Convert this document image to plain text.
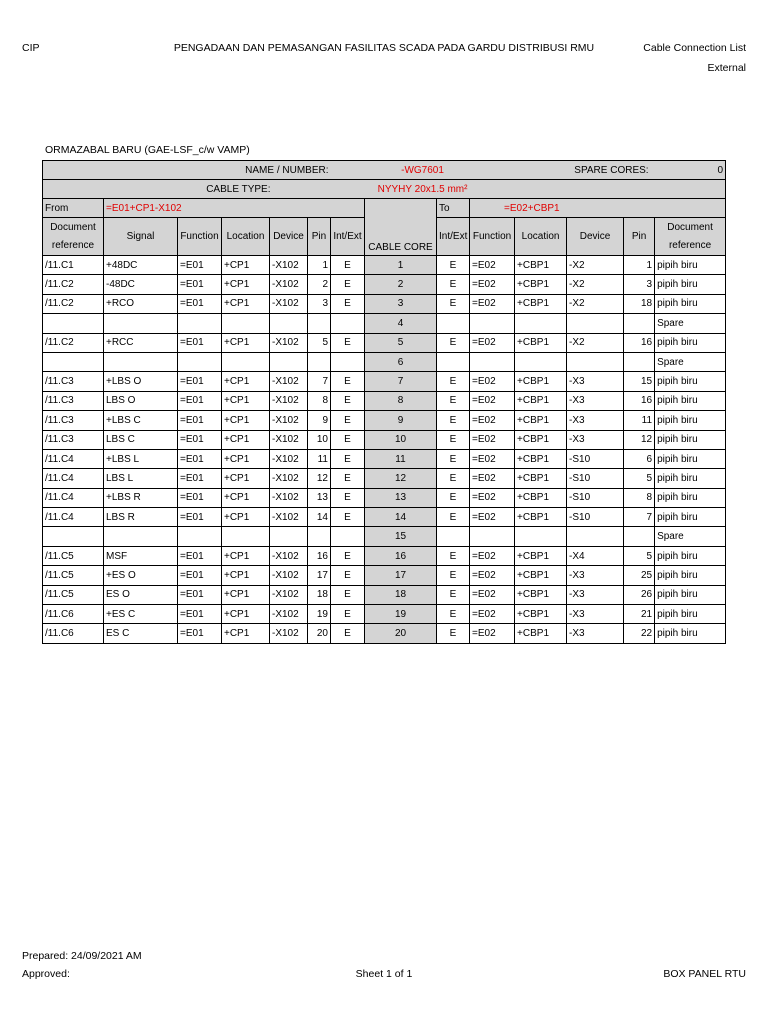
CIP	PENGADAAN DAN PEMASANGAN FASILITAS SCADA PADA GARDU DISTRIBUSI RMU	Cable Connection List
External
ORMAZABAL BARU (GAE-LSF_c/w VAMP)
NAME / NUMBER:						-WG7601				SPARE CORES:			0
CABLE TYPE:						NYYHY 20x1.5 mm²							
From	=E01+CP1-X102						CABLE CORE	To	=E02+CBP1				
Document reference	Signal	Function	Location	Device	Pin	Int/Ext		Int/Ext	Function	Location	Device	Pin	Document reference
/11.C1	+48DC	=E01	+CP1	-X102	1	E	1	E	=E02	+CBP1	-X2	1	pipih biru
/11.C2	-48DC	=E01	+CP1	-X102	2	E	2	E	=E02	+CBP1	-X2	3	pipih biru
/11.C2	+RCO	=E01	+CP1	-X102	3	E	3	E	=E02	+CBP1	-X2	18	pipih biru
							4						Spare
/11.C2	+RCC	=E01	+CP1	-X102	5	E	5	E	=E02	+CBP1	-X2	16	pipih biru
							6						Spare
/11.C3	+LBS O	=E01	+CP1	-X102	7	E	7	E	=E02	+CBP1	-X3	15	pipih biru
/11.C3	LBS O	=E01	+CP1	-X102	8	E	8	E	=E02	+CBP1	-X3	16	pipih biru
/11.C3	+LBS C	=E01	+CP1	-X102	9	E	9	E	=E02	+CBP1	-X3	11	pipih biru
/11.C3	LBS C	=E01	+CP1	-X102	10	E	10	E	=E02	+CBP1	-X3	12	pipih biru
/11.C4	+LBS L	=E01	+CP1	-X102	11	E	11	E	=E02	+CBP1	-S10	6	pipih biru
/11.C4	LBS L	=E01	+CP1	-X102	12	E	12	E	=E02	+CBP1	-S10	5	pipih biru
/11.C4	+LBS R	=E01	+CP1	-X102	13	E	13	E	=E02	+CBP1	-S10	8	pipih biru
/11.C4	LBS R	=E01	+CP1	-X102	14	E	14	E	=E02	+CBP1	-S10	7	pipih biru
							15						Spare
/11.C5	MSF	=E01	+CP1	-X102	16	E	16	E	=E02	+CBP1	-X4	5	pipih biru
/11.C5	+ES O	=E01	+CP1	-X102	17	E	17	E	=E02	+CBP1	-X3	25	pipih biru
/11.C5	ES O	=E01	+CP1	-X102	18	E	18	E	=E02	+CBP1	-X3	26	pipih biru
/11.C6	+ES C	=E01	+CP1	-X102	19	E	19	E	=E02	+CBP1	-X3	21	pipih biru
/11.C6	ES C	=E01	+CP1	-X102	20	E	20	E	=E02	+CBP1	-X3	22	pipih biru
Prepared: 24/09/2021 AM
Approved:	Sheet 1 of 1	BOX PANEL RTU
